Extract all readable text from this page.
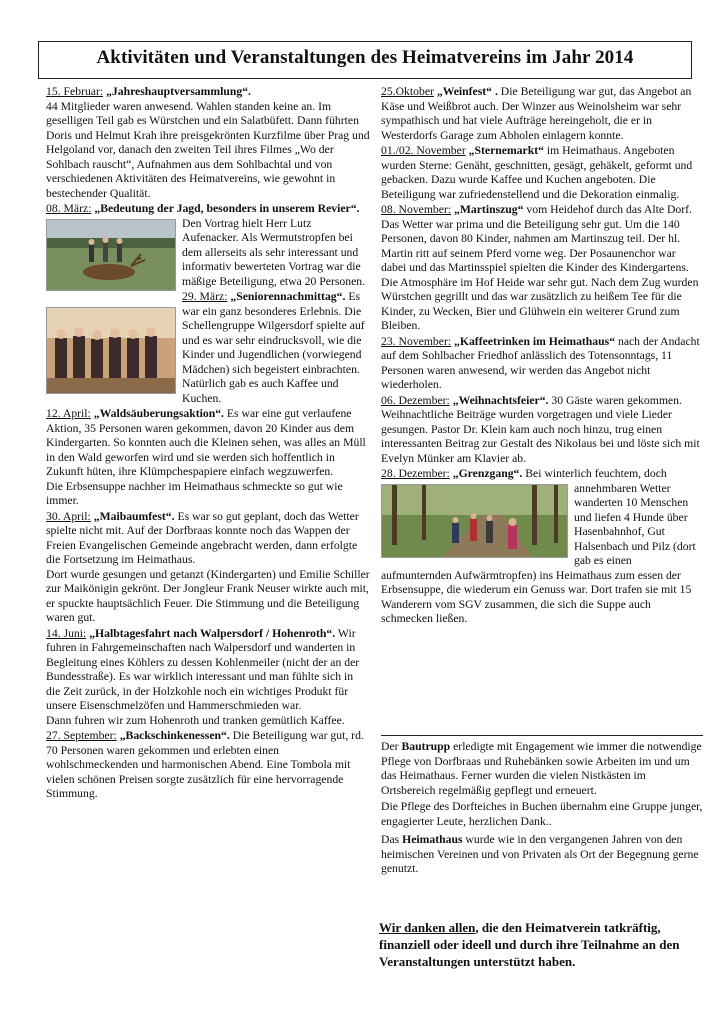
Aktivitäten und Veranstaltungen des Heimatvereins im Jahr 2014

15. Februar: „Jahreshauptversammlung“.
44 Mitglieder waren anwesend. Wahlen standen keine an. Im geselligen Teil gab es Würstchen und ein Salatbüfett. Dann führten Doris und Helmut Krah ihre preisgekrönten Kurzfilme über Prag und Helgoland vor, danach den zweiten Teil ihres Filmes „Wo der Sohlbach rauscht“, Aufnahmen aus dem Sohlbachtal und von verschiedenen Aktivitäten des Heimatvereins, wie gewohnt in bestechender Qualität.

08. März: „Bedeutung der Jagd, besonders in unserem Revier“.
Den Vortrag hielt Herr Lutz Aufenacker. Als Wermutstropfen bei dem allerseits als sehr interessant und informativ bewerteten Vortrag war die mäßige Beteiligung, etwa 20 Personen.

29. März: „Seniorennachmittag“. Es war ein ganz besonderes Erlebnis. Die Schellengruppe Wilgersdorf spielte auf und es war sehr eindrucksvoll, wie die Kinder und Jugendlichen (vorwiegend Mädchen) sich begeistert einbrachten. Natürlich gab es auch Kaffee und Kuchen.

12. April: „Waldsäuberungsaktion“. Es war eine gut verlaufene Aktion, 35 Personen waren gekommen, davon 20 Kinder aus dem Kindergarten. So konnten auch die Kleinen sehen, was alles an Müll in den Wald geworfen wird und sie werden sich hoffentlich in Zukunft hüten, ihre Klümpchespapiere einfach wegzuwerfen.
Die Erbsensuppe nachher im Heimathaus schmeckte so gut wie immer.

30. April: „Maibaumfest“. Es war so gut geplant, doch das Wetter spielte nicht mit. Auf der Dorfbraas konnte noch das Wappen der Freien Evangelischen Gemeinde angebracht werden, dann erfolgte die Fortsetzung im Heimathaus.
Dort wurde gesungen und getanzt (Kindergarten) und Emilie Schiller zur Maikönigin gekrönt. Der Jongleur Frank Neuser wirkte auch mit, er spuckte hauptsächlich Feuer. Die Stimmung und die Beteiligung waren gut.

14. Juni: „Halbtagesfahrt nach Walpersdorf / Hohenroth“. Wir fuhren in Fahrgemeinschaften nach Walpersdorf und wanderten in Begleitung eines Köhlers zu dessen Kohlenmeiler (nicht der an der Bundesstraße). Es war wirklich interessant und man fühlte sich in die Zeit zurück, in der Holzkohle noch ein wichtiges Produkt für unsere Eisenschmelzöfen und Hammerschmieden war.
Dann fuhren wir zum Hohenroth und tranken gemütlich Kaffee.

27. September: „Backschinkenessen“. Die Beteiligung war gut, rd. 70 Personen waren gekommen und erlebten einen wohlschmeckenden und harmonischen Abend. Eine Tombola mit vielen schönen Preisen sorgte zusätzlich für eine hervorragende Stimmung.

25.Oktober „Weinfest“ . Die Beteiligung war gut, das Angebot an Käse und Weißbrot auch. Der Winzer aus Weinolsheim war sehr sympathisch und hat viele Aufträge hereingeholt, die er in Westerdorfs Garage zum Abholen einlagern konnte.

01./02. November „Sternemarkt“ im Heimathaus. Angeboten wurden Sterne: Genäht, geschnitten, gesägt, gehäkelt, geformt und gebacken. Dazu wurde Kaffee und Kuchen angeboten. Die Beteiligung war zufriedenstellend und die Dekoration einmalig.

08. November: „Martinszug“ vom Heidehof durch das Alte Dorf. Das Wetter war prima und die Beteiligung sehr gut. Um die 140 Personen, davon 80 Kinder, nahmen am Martinszug teil. Der hl. Martin ritt auf seinem Pferd vorne weg. Der Posaunenchor war dabei und das Martinsspiel spielten die Kinder des Kindergartens. Die Atmosphäre im Hof Heide war sehr gut. Nach dem Zug wurden Würstchen gegrillt und das war zusätzlich zu heißem Tee für die Kinder, zu Wecken, Bier und Glühwein ein weiterer Grund zum Bleiben.

23. November: „Kaffeetrinken im Heimathaus“ nach der Andacht auf dem Sohlbacher Friedhof anlässlich des Totensonntags, 11 Personen waren anwesend, wir werden das Angebot nicht wiederholen.

06. Dezember: „Weihnachtsfeier“. 30 Gäste waren gekommen. Weihnachtliche Beiträge wurden vorgetragen und viele Lieder gesungen. Pastor Dr. Klein kam auch noch hinzu, trug einen interessanten Beitrag zur Gestalt des Nikolaus bei und löste sich mit Evelyn Münker am Klavier ab.

28. Dezember: „Grenzgang“. Bei winterlich feuchtem, doch annehmbaren Wetter wanderten 10 Menschen und liefen 4 Hunde über Hasenbahnhof, Gut Halsenbach und Pilz (dort gab es einen aufmunternden Aufwärmtropfen) ins Heimathaus zum essen der Erbsensuppe, die wiederum ein Genuss war. Dort trafen sie mit 15 Wanderern vom SGV zusammen, die sich die Suppe auch schmecken ließen.

Der Bautrupp erledigte mit Engagement wie immer die notwendige Pflege von Dorfbraas und Ruhebänken sowie Arbeiten im und um das Heimathaus. Ferner wurden die vielen Nistkästen im Ortsbereich regelmäßig gepflegt und erneuert.

Die Pflege des Dorfteiches in Buchen übernahm eine Gruppe junger, engagierter Leute, herzlichen Dank..

Das Heimathaus wurde wie in den vergangenen Jahren von den heimischen Vereinen und von Privaten als Ort der Begegnung gerne genutzt.

Wir danken allen, die den Heimatverein tatkräftig, finanziell oder ideell und durch ihre Teilnahme an den Veranstaltungen unterstützt haben.
